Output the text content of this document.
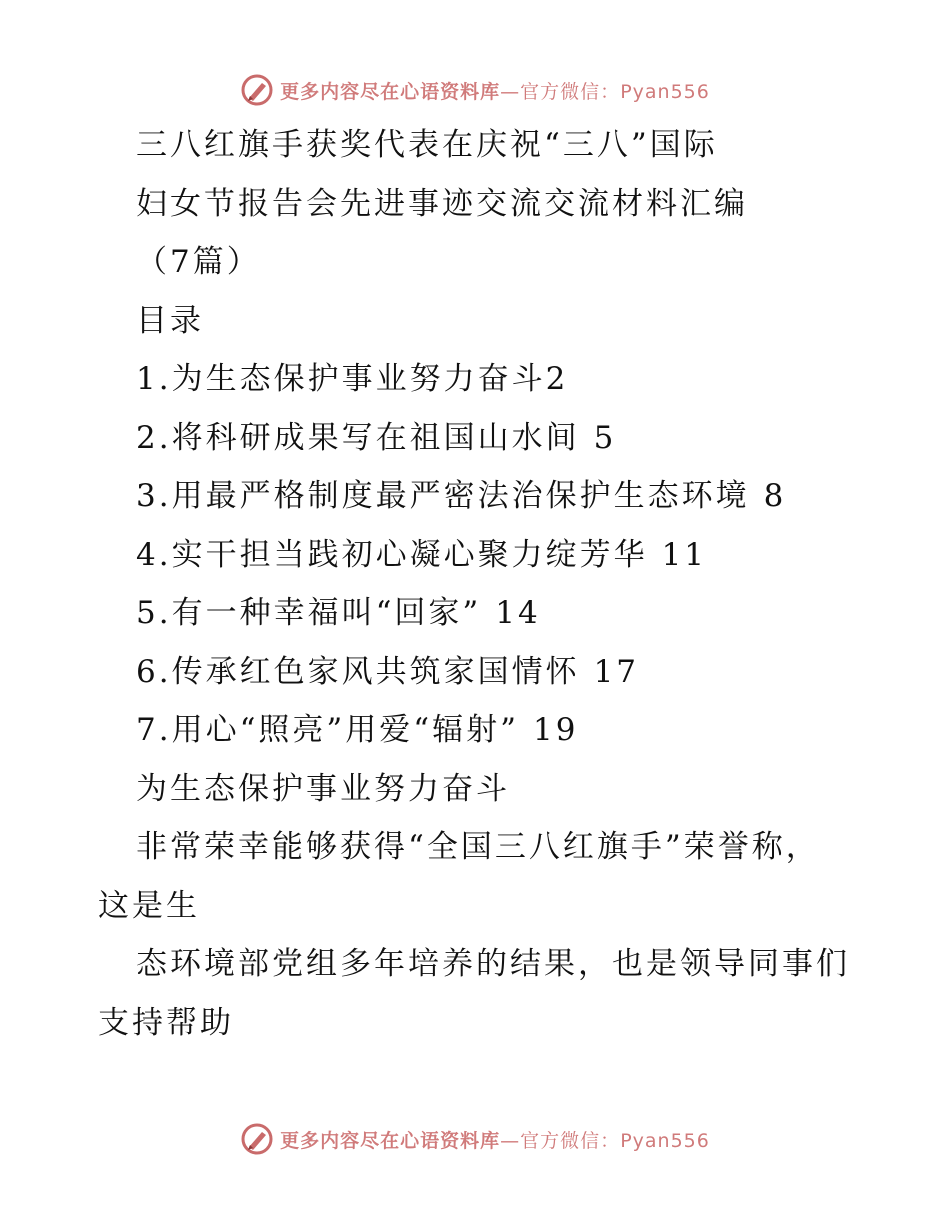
更多内容尽在心语资料库—官方微信：Pyan556
三八红旗手获奖代表在庆祝“三八”国际
妇女节报告会先进事迹交流交流材料汇编
（7篇）
目录
1.为生态保护事业努力奋斗2
2.将科研成果写在祖国山水间 5
3.用最严格制度最严密法治保护生态环境 8
4.实干担当践初心凝心聚力绽芳华 11
5.有一种幸福叫“回家” 14
6.传承红色家风共筑家国情怀 17
7.用心“照亮”用爱“辐射” 19
为生态保护事业努力奋斗
非常荣幸能够获得“全国三八红旗手”荣誉称，
这是生
态环境部党组多年培养的结果，也是领导同事们
支持帮助
更多内容尽在心语资料库—官方微信：Pyan556
